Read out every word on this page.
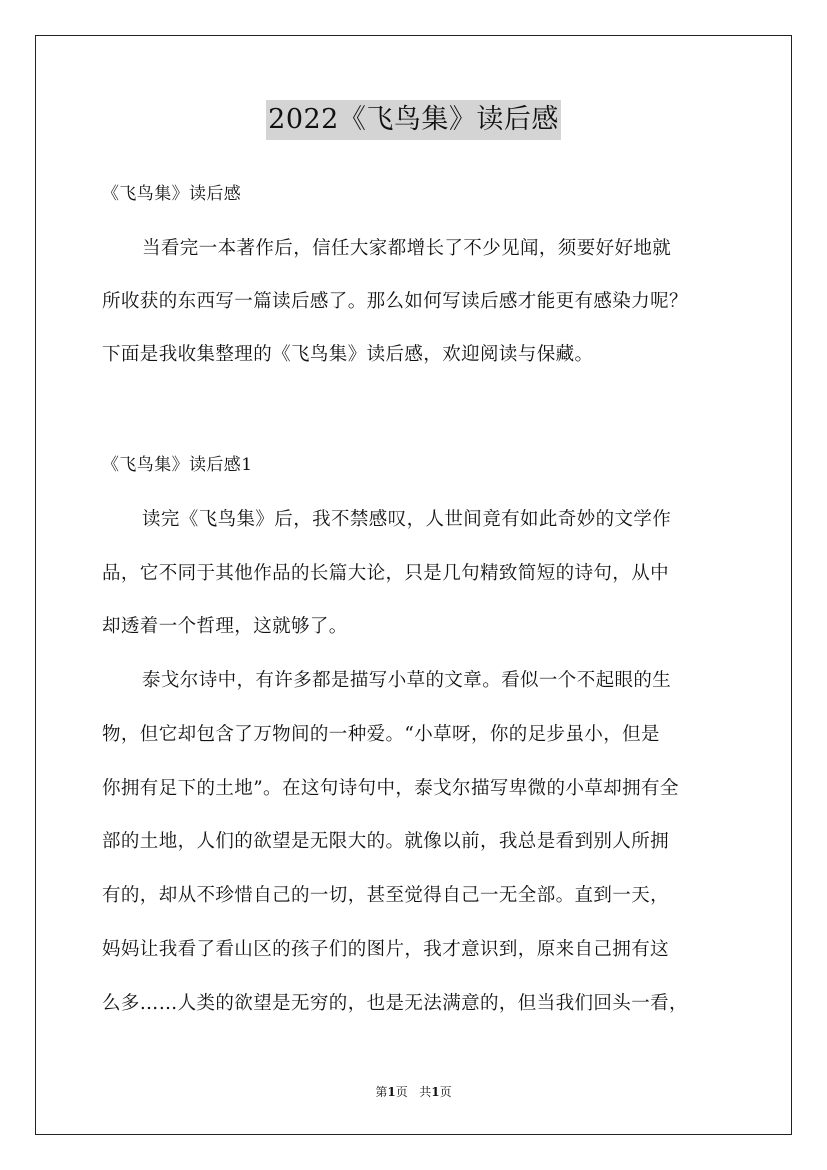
2022《飞鸟集》读后感
《飞鸟集》读后感
当看完一本著作后，信任大家都增长了不少见闻，须要好好地就
所收获的东西写一篇读后感了。那么如何写读后感才能更有感染力呢？
下面是我收集整理的《飞鸟集》读后感，欢迎阅读与保藏。
《飞鸟集》读后感1
读完《飞鸟集》后，我不禁感叹，人世间竟有如此奇妙的文学作
品，它不同于其他作品的长篇大论，只是几句精致简短的诗句，从中
却透着一个哲理，这就够了。
泰戈尔诗中，有许多都是描写小草的文章。看似一个不起眼的生
物，但它却包含了万物间的一种爱。“小草呀，你的足步虽小，但是
你拥有足下的土地”。在这句诗句中，泰戈尔描写卑微的小草却拥有全
部的土地，人们的欲望是无限大的。就像以前，我总是看到别人所拥
有的，却从不珍惜自己的一切，甚至觉得自己一无全部。直到一天，
妈妈让我看了看山区的孩子们的图片，我才意识到，原来自己拥有这
么多……人类的欲望是无穷的，也是无法满意的，但当我们回头一看，
第1页 共1页
